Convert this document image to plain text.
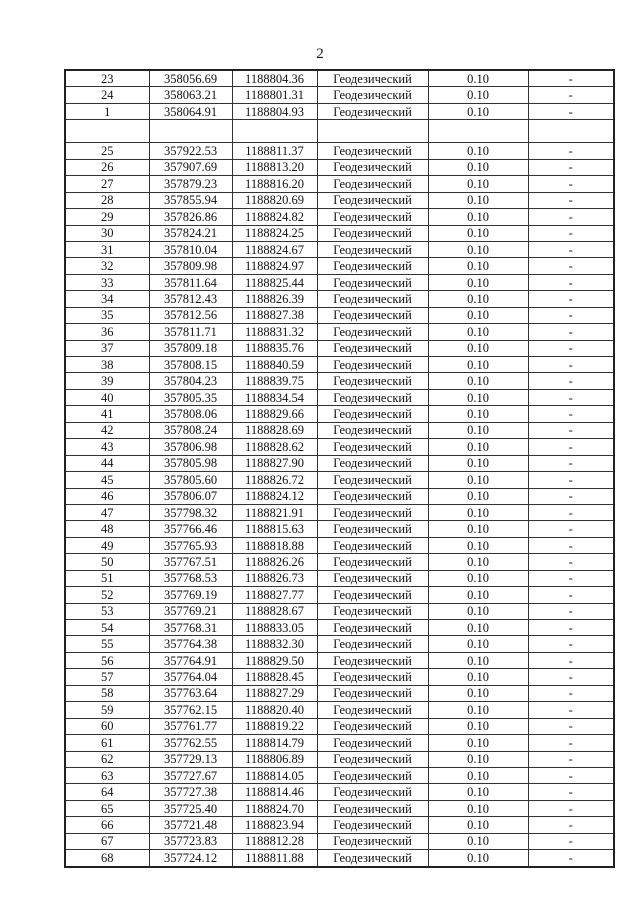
2
23	358056.69	1188804.36	Геодезический	0.10	-
24	358063.21	1188801.31	Геодезический	0.10	-
1	358064.91	1188804.93	Геодезический	0.10	-

25	357922.53	1188811.37	Геодезический	0.10	-
26	357907.69	1188813.20	Геодезический	0.10	-
27	357879.23	1188816.20	Геодезический	0.10	-
28	357855.94	1188820.69	Геодезический	0.10	-
29	357826.86	1188824.82	Геодезический	0.10	-
30	357824.21	1188824.25	Геодезический	0.10	-
31	357810.04	1188824.67	Геодезический	0.10	-
32	357809.98	1188824.97	Геодезический	0.10	-
33	357811.64	1188825.44	Геодезический	0.10	-
34	357812.43	1188826.39	Геодезический	0.10	-
35	357812.56	1188827.38	Геодезический	0.10	-
36	357811.71	1188831.32	Геодезический	0.10	-
37	357809.18	1188835.76	Геодезический	0.10	-
38	357808.15	1188840.59	Геодезический	0.10	-
39	357804.23	1188839.75	Геодезический	0.10	-
40	357805.35	1188834.54	Геодезический	0.10	-
41	357808.06	1188829.66	Геодезический	0.10	-
42	357808.24	1188828.69	Геодезический	0.10	-
43	357806.98	1188828.62	Геодезический	0.10	-
44	357805.98	1188827.90	Геодезический	0.10	-
45	357805.60	1188826.72	Геодезический	0.10	-
46	357806.07	1188824.12	Геодезический	0.10	-
47	357798.32	1188821.91	Геодезический	0.10	-
48	357766.46	1188815.63	Геодезический	0.10	-
49	357765.93	1188818.88	Геодезический	0.10	-
50	357767.51	1188826.26	Геодезический	0.10	-
51	357768.53	1188826.73	Геодезический	0.10	-
52	357769.19	1188827.77	Геодезический	0.10	-
53	357769.21	1188828.67	Геодезический	0.10	-
54	357768.31	1188833.05	Геодезический	0.10	-
55	357764.38	1188832.30	Геодезический	0.10	-
56	357764.91	1188829.50	Геодезический	0.10	-
57	357764.04	1188828.45	Геодезический	0.10	-
58	357763.64	1188827.29	Геодезический	0.10	-
59	357762.15	1188820.40	Геодезический	0.10	-
60	357761.77	1188819.22	Геодезический	0.10	-
61	357762.55	1188814.79	Геодезический	0.10	-
62	357729.13	1188806.89	Геодезический	0.10	-
63	357727.67	1188814.05	Геодезический	0.10	-
64	357727.38	1188814.46	Геодезический	0.10	-
65	357725.40	1188824.70	Геодезический	0.10	-
66	357721.48	1188823.94	Геодезический	0.10	-
67	357723.83	1188812.28	Геодезический	0.10	-
68	357724.12	1188811.88	Геодезический	0.10	-
